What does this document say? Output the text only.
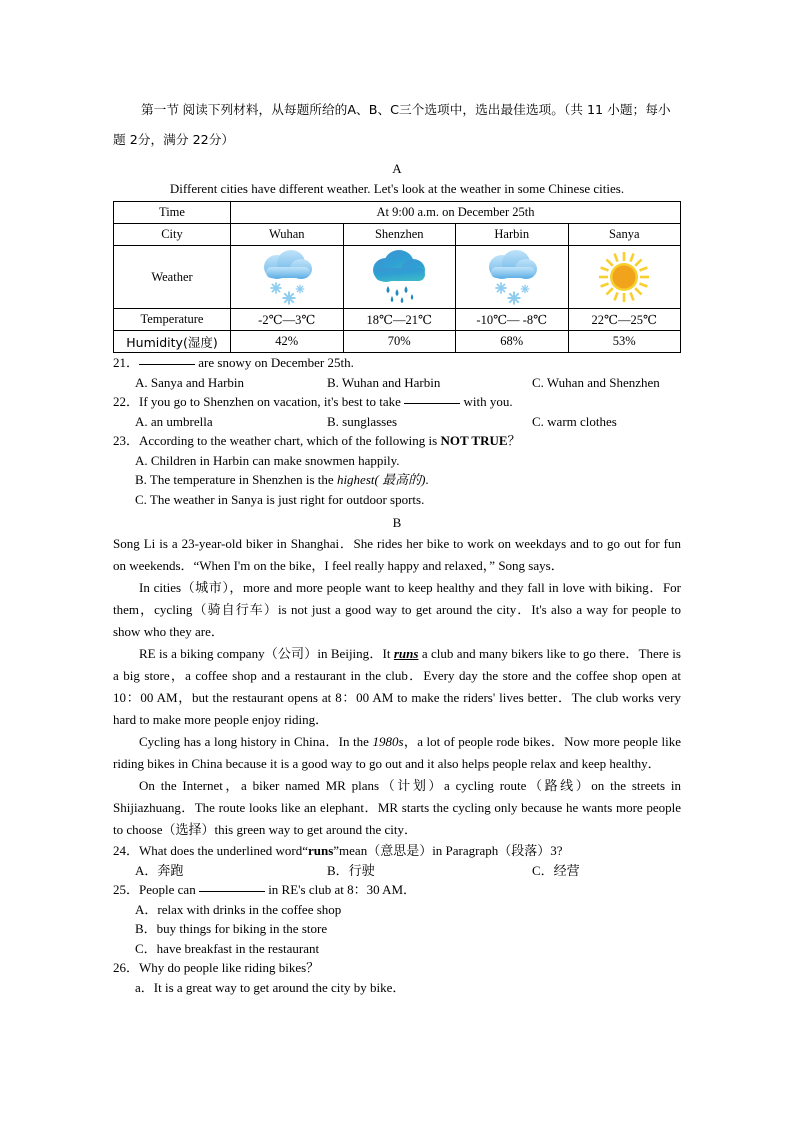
第一节 阅读下列材料，从每题所给的A、B、C三个选项中，选出最佳选项。（共 11 小题；每小题 2分，满分 22分）
A
Different cities have different weather. Let's look at the weather in some Chinese cities.
Time	At 9:00 a.m. on December 25th			
City	Wuhan	Shenzhen	Harbin	Sanya
Weather	

Temperature	-2℃—3℃	18℃—21℃	-10℃— -8℃	22℃—25℃
Humidity(湿度)	42%	70%	68%	53%
21．	are snowy on December 25th.
A. Sanya and Harbin	B. Wuhan and Harbin	C. Wuhan and Shenzhen
22．If you go to Shenzhen on vacation, it's best to take	with you.
A. an umbrella	B. sunglasses	C. warm clothes
23．According to the weather chart, which of the following is NOT TRUE？
A. Children in Harbin can make snowmen happily.
B. The temperature in Shenzhen is the highest( 最高的).
C. The weather in Sanya is just right for outdoor sports.
B
Song Li is a 23-year-old biker in Shanghai．She rides her bike to work on weekdays and to go out for fun on weekends．“When I'm on the bike，I feel really happy and relaxed，” Song says．
In cities（城市），more and more people want to keep healthy and they fall in love with biking．For them，cycling（骑自行车）is not just a good way to get around the city．It's also a way for people to show who they are．
RE is a biking company（公司）in Beijing．It runs a club and many bikers like to go there．There is a big store，a coffee shop and a restaurant in the club．Every day the store and the coffee shop open at 10：00 AM，but the restaurant opens at 8：00 AM to make the riders' lives better．The club works very hard to make more people enjoy riding．
Cycling has a long history in China．In the 1980s，a lot of people rode bikes．Now more people like riding bikes in China because it is a good way to go out and it also helps people relax and keep healthy．
On the Internet，a biker named MR plans（计划）a cycling route（路线）on the streets in Shijiazhuang．The route looks like an elephant．MR starts the cycling only because he wants more people to choose（选择）this green way to get around the city．
24．What does the underlined word“runs”mean（意思是）in Paragraph（段落）3?
A．奔跑	B．行驶	C．经营
25．People can	in RE's club at 8：30 AM．
A．relax with drinks in the coffee shop
B．buy things for biking in the store
C．have breakfast in the restaurant
26．Why do people like riding bikes？
a．It is a great way to get around the city by bike．
